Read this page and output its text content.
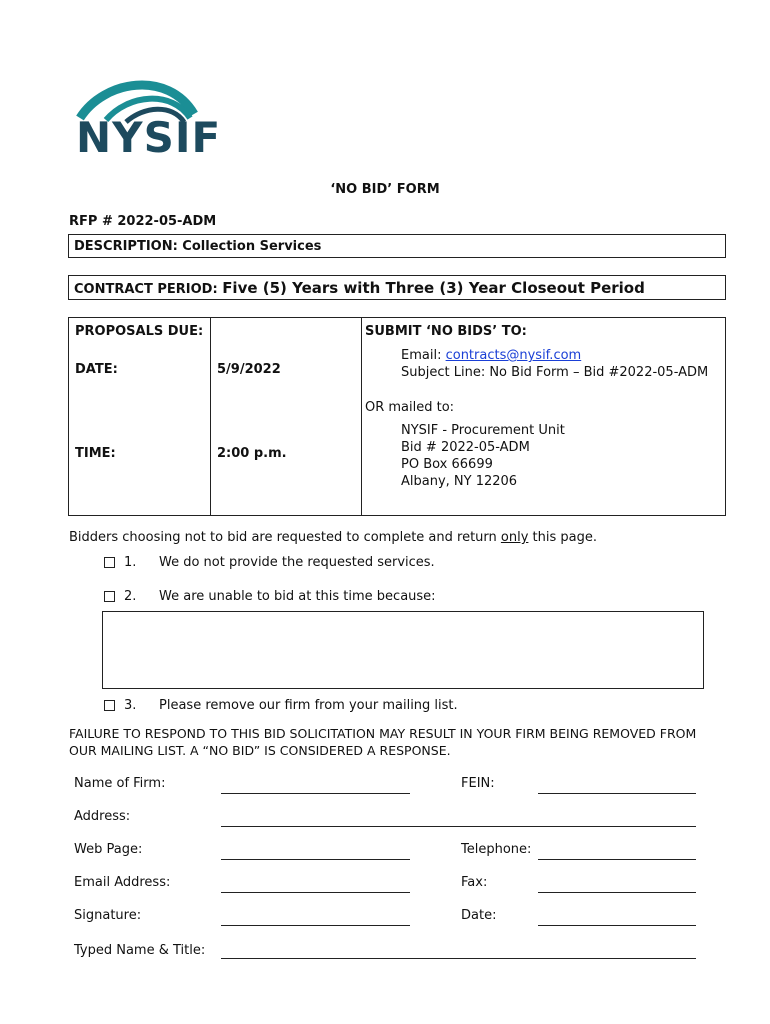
NYSIF
‘NO BID’ FORM
RFP # 2022-05-ADM
DESCRIPTION: Collection Services
CONTRACT PERIOD: Five (5) Years with Three (3) Year Closeout Period
PROPOSALS DUE:
DATE:	5/9/2022
TIME:	2:00 p.m.
SUBMIT ‘NO BIDS’ TO:
Email: contracts@nysif.com
Subject Line: No Bid Form – Bid #2022-05-ADM
OR mailed to:
NYSIF - Procurement Unit
Bid # 2022-05-ADM
PO Box 66699
Albany, NY 12206
Bidders choosing not to bid are requested to complete and return only this page.
1. We do not provide the requested services.
2. We are unable to bid at this time because:
3. Please remove our firm from your mailing list.
FAILURE TO RESPOND TO THIS BID SOLICITATION MAY RESULT IN YOUR FIRM BEING REMOVED FROM
OUR MAILING LIST. A “NO BID” IS CONSIDERED A RESPONSE.
Name of Firm:	FEIN:
Address:
Web Page:	Telephone:
Email Address:	Fax:
Signature:	Date:
Typed Name & Title:
